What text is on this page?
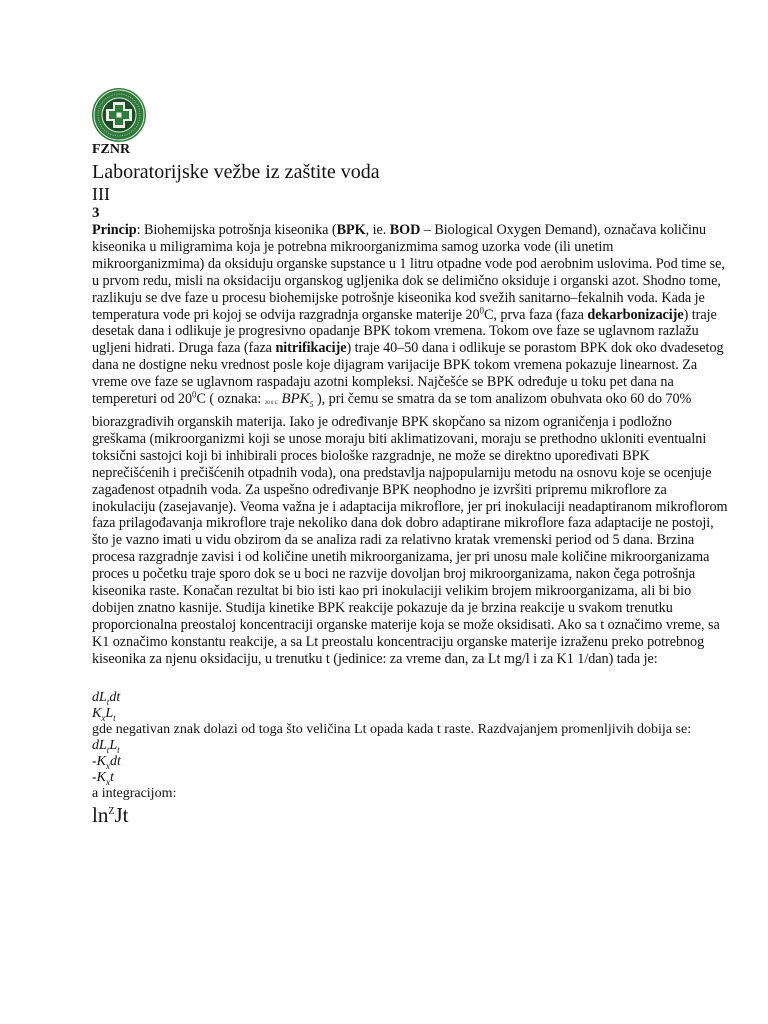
FZNR
Laboratorijske vežbe iz zaštite voda
III
3

Princip: Biohemijska potrošnja kiseonika (BPK, ie. BOD – Biological Oxygen Demand), označava količinu kiseonika u miligramima koja je potrebna mikroorganizmima samog uzorka vode (ili unetim mikroorganizmima) da oksiduju organske supstance u 1 litru otpadne vode pod aerobnim uslovima. Pod time se, u prvom redu, misli na oksidaciju organskog ugljenika dok se delimično oksiduje i organski azot. Shodno tome, razlikuju se dve faze u procesu biohemijske potrošnje kiseonika kod svežih sanitarno–fekalnih voda. Kada je temperatura vode pri kojoj se odvija razgradnja organske materije $20^0C$, prva faza (faza dekarbonizacije) traje desetak dana i odlikuje je progresivno opadanje BPK tokom vremena. Tokom ove faze se uglavnom razlažu ugljeni hidrati. Druga faza (faza nitrifikacije) traje 40–50 dana i odlikuje se porastom BPK dok oko dvadesetog dana ne dostigne neku vrednost posle koje dijagram varijacije BPK tokom vremena pokazuje linearnost. Za vreme ove faze se uglavnom raspadaju azotni kompleksi. Najčešće se BPK određuje u toku pet dana na tempereturi od $20^0C$ ( oznaka: 20 0 C $BPK_5$ ), pri čemu se smatra da se tom analizom obuhvata oko 60 do 70% biorazgradivih organskih materija. Iako je određivanje BPK skopčano sa nizom ograničenja i podložno greškama (mikroorganizmi koji se unose moraju biti aklimatizovani, moraju se prethodno ukloniti eventualni toksični sastojci koji bi inhibirali proces biološke razgradnje, ne može se direktno upoređivati BPK neprečišćenih i prečišćenih otpadnih voda), ona predstavlja najpopularniju metodu na osnovu koje se ocenjuje zagađenost otpadnih voda. Za uspešno određivanje BPK neophodno je izvršiti pripremu mikroflore za inokulaciju (zasejavanje). Veoma važna je i adaptacija mikroflore, jer pri inokulaciji neadaptiranom mikroflorom faza prilagođavanja mikroflore traje nekoliko dana dok dobro adaptirane mikroflore faza adaptacije ne postoji, što je vazno imati u vidu obzirom da se analiza radi za relativno kratak vremenski period od 5 dana. Brzina procesa razgradnje zavisi i od količine unetih mikroorganizama, jer pri unosu male količine mikroorganizama proces u početku traje sporo dok se u boci ne razvije dovoljan broj mikroorganizama, nakon čega potrošnja kiseonika raste. Konačan rezultat bi bio isti kao pri inokulaciji velikim brojem mikroorganizama, ali bi bio dobijen znatno kasnije. Studija kinetike BPK reakcije pokazuje da je brzina reakcije u svakom trenutku proporcionalna preostaloj koncentraciji organske materije koja se može oksidisati. Ako sa t označimo vreme, sa K1 označimo konstantu reakcije, a sa Lt preostalu koncentraciju organske materije izraženu preko potrebnog kiseonika za njenu oksidaciju, u trenutku t (jedinice: za vreme dan, za Lt mg/l i za K1 1/dan) tada je:

$dL_tdt$
$K_xL_t$
gde negativan znak dolazi od toga što veličina Lt opada kada t raste. Razdvajanjem promenljivih dobija se:
$dL_tL_t$
$-K_xdt$
$-K_xt$
a integracijom:
$\ln^ZJt$
